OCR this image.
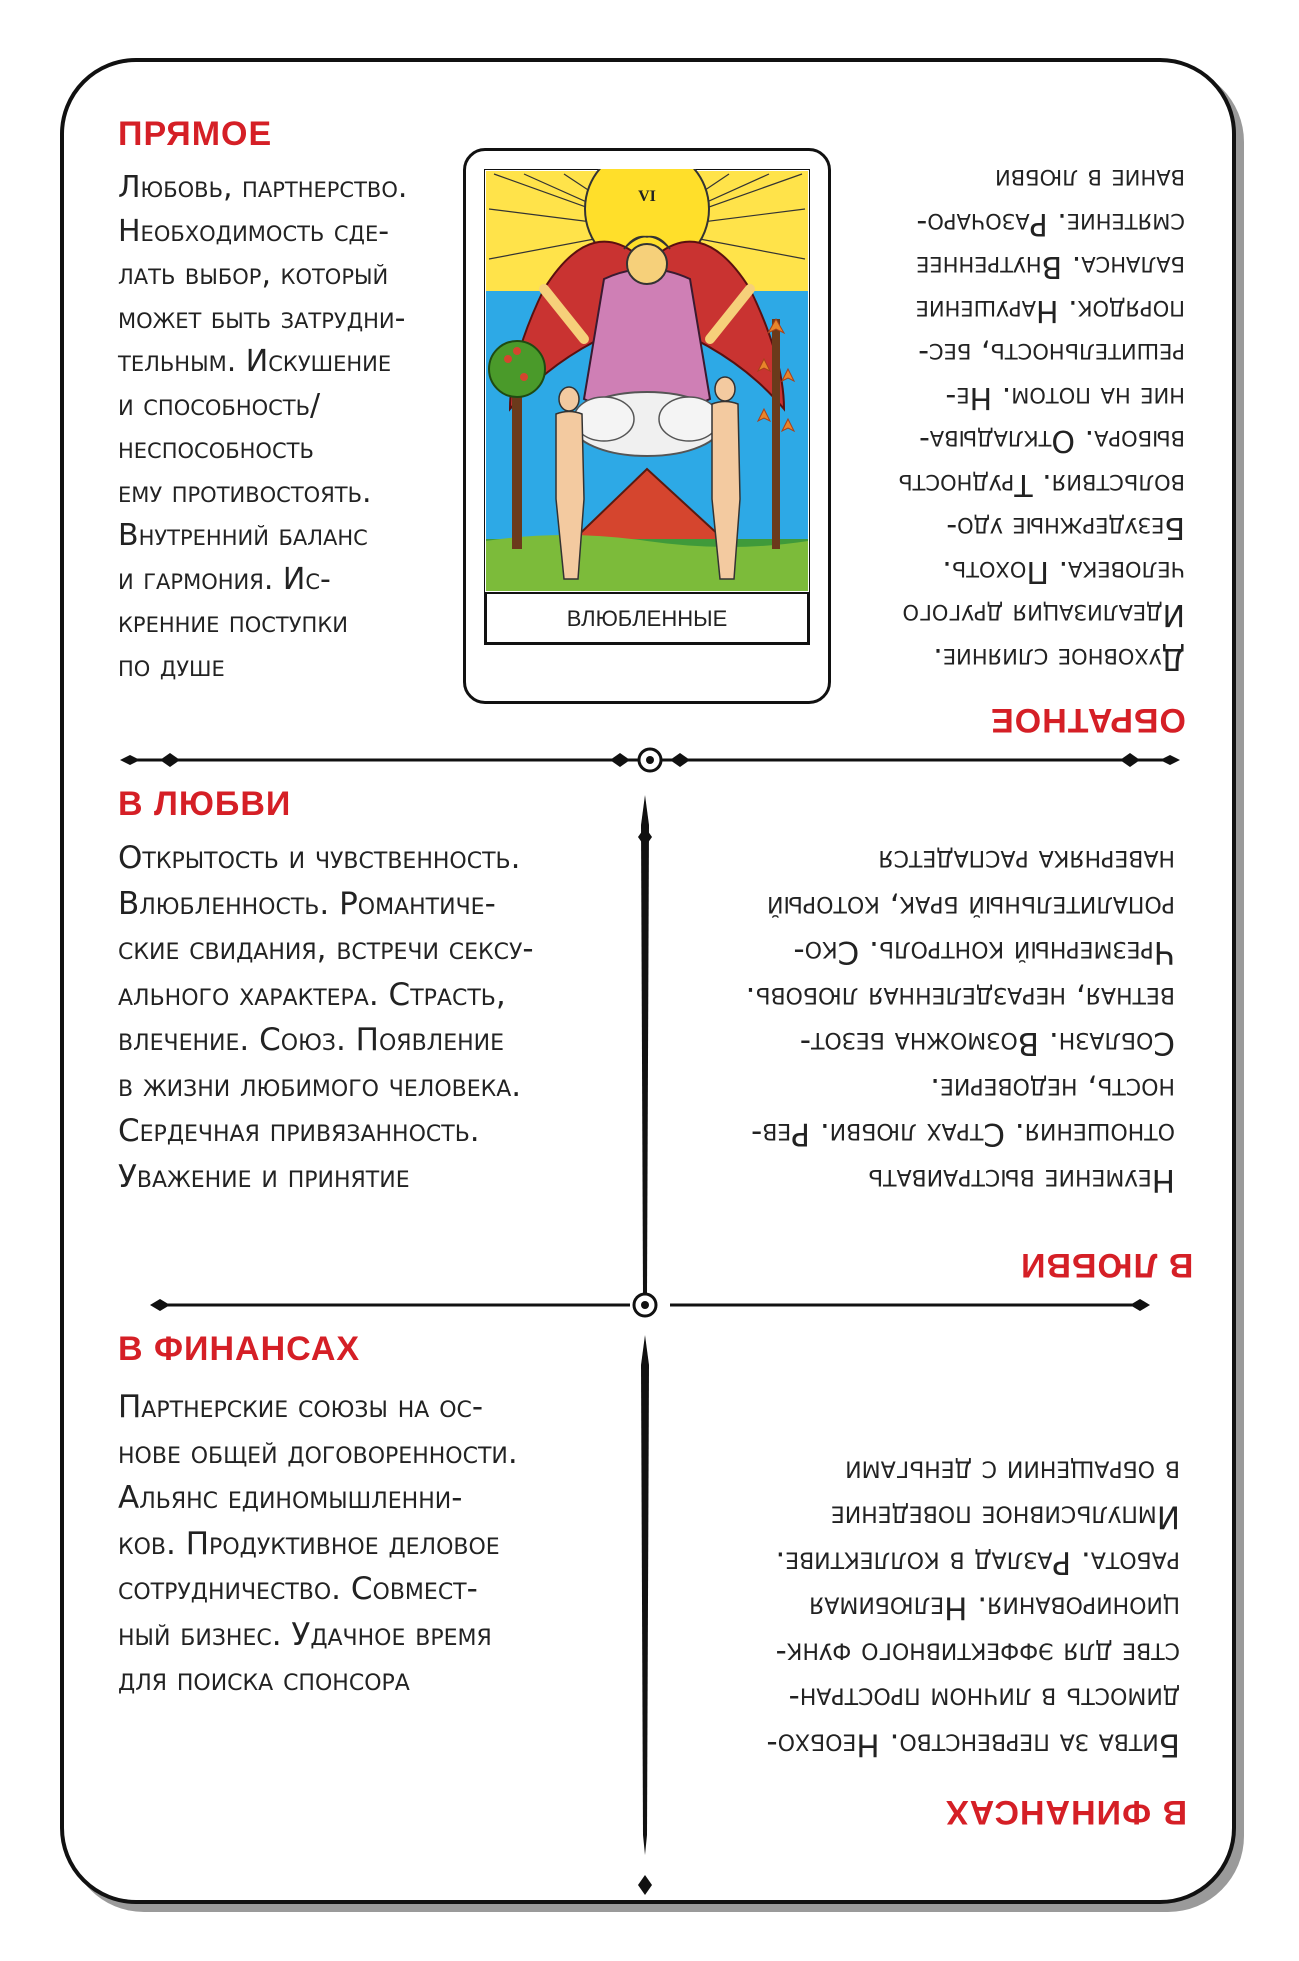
ПРЯМОЕ
Любовь, партнерство.
Необходимость сде-
лать выбор, который
может быть затрудни-
тельным. Искушение
и способность/
неспособность
ему противостоять.
Внутренний баланс
и гармония. Ис-
кренние поступки
по душе
VI
ВЛЮБЛЕННЫЕ
Духовное слияние.
Идеализация другого
человека. Похоть.
Безудержные удо-
вольствия. Трудность
выбора. Откладыва-
ние на потом. Не-
решительность, бес-
порядок. Нарушение
баланса. Внутреннее
смятение. Разочаро-
вание в любви
ОБРАТНОЕ
В ЛЮБВИ
Открытость и чувственность.
Влюбленность. Романтиче-
ские свидания, встречи сексу-
ального характера. Страсть,
влечение. Союз. Появление
в жизни любимого человека.
Сердечная привязанность.
Уважение и принятие	Неумение выстраивать
отношения. Страх любви. Рев-
ность, недоверие.
Соблазн. Возможна безот-
ветная, неразделенная любовь.
Чрезмерный контроль. Ско-
ропалительный брак, который
наверняка распадется
В ЛЮБВИ
В ФИНАНСАХ
Партнерские союзы на ос-
нове общей договоренности.
Альянс единомышленни-
ков. Продуктивное деловое
сотрудничество. Совмест-
ный бизнес. Удачное время
для поиска спонсора
Битва за первенство. Необхо-
димость в личном простран-
стве для эффективного функ-
ционирования. Нелюбимая
работа. Разлад в коллективе.
Импульсивное поведение
в обращении с деньгами
В ФИНАНСАХ
